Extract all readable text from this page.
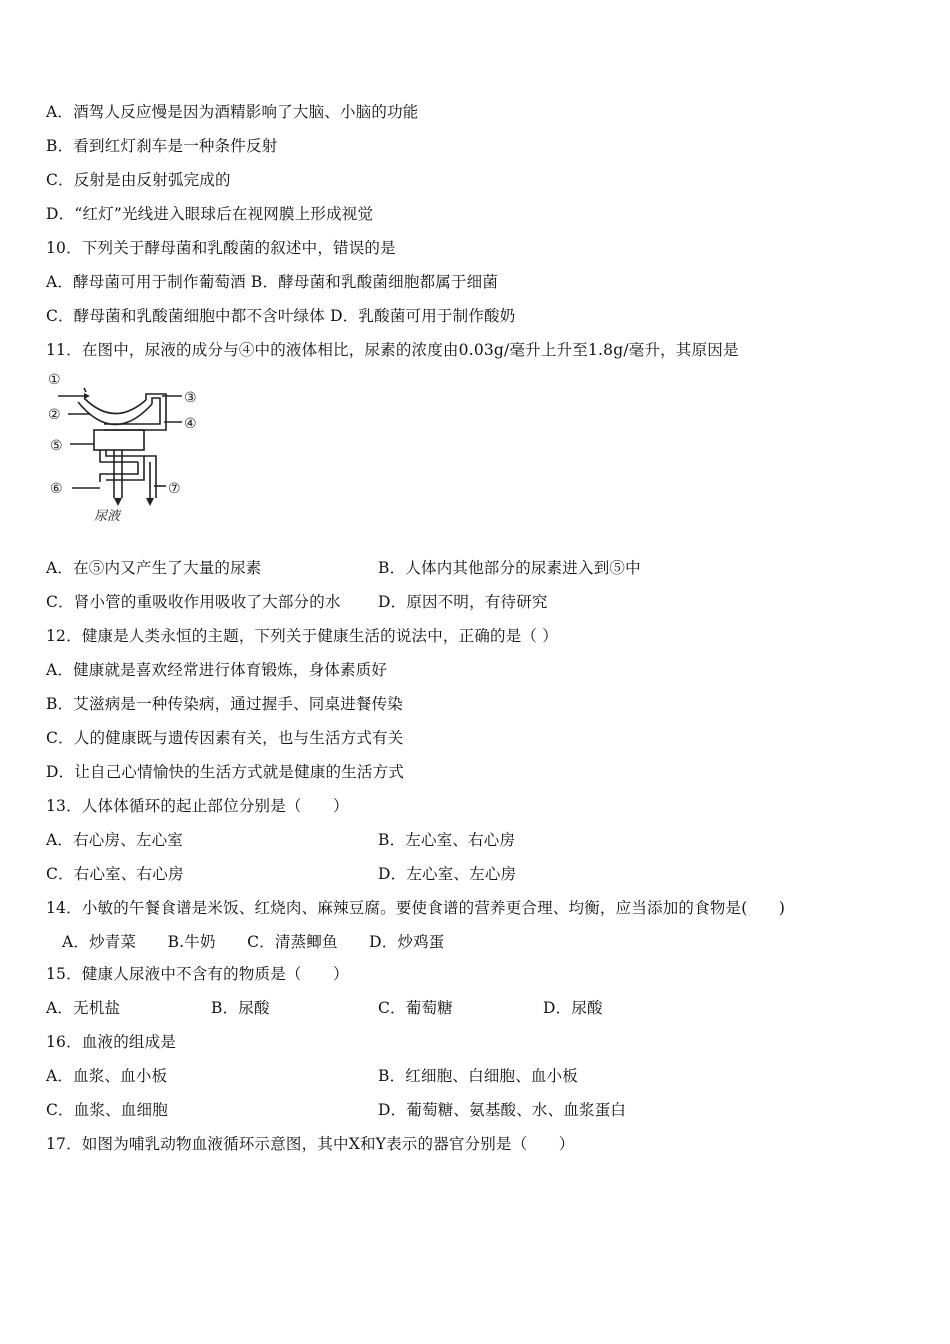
A．酒驾人反应慢是因为酒精影响了大脑、小脑的功能
B．看到红灯刹车是一种条件反射
C．反射是由反射弧完成的
D．“红灯”光线进入眼球后在视网膜上形成视觉
10．下列关于酵母菌和乳酸菌的叙述中，错误的是
A．酵母菌可用于制作葡萄酒 B．酵母菌和乳酸菌细胞都属于细菌
C．酵母菌和乳酸菌细胞中都不含叶绿体 D．乳酸菌可用于制作酸奶
11．在图中，尿液的成分与④中的液体相比，尿素的浓度由0.03g/毫升上升至1.8g/毫升，其原因是
①
②
③
④
⑤
⑥	⑦
尿液
A．在⑤内又产生了大量的尿素	B．人体内其他部分的尿素进入到⑤中
C．肾小管的重吸收作用吸收了大部分的水 D．原因不明，有待研究
12．健康是人类永恒的主题，下列关于健康生活的说法中，正确的是（ ）
A．健康就是喜欢经常进行体育锻炼，身体素质好
B．艾滋病是一种传染病，通过握手、同桌进餐传染
C．人的健康既与遗传因素有关，也与生活方式有关
D．让自己心情愉快的生活方式就是健康的生活方式
13．人体体循环的起止部位分别是（　　）
A．右心房、左心室	B．左心室、右心房
C．右心室、右心房	D．左心室、左心房
14．小敏的午餐食谱是米饭、红烧肉、麻辣豆腐。要使食谱的营养更合理、均衡，应当添加的食物是(　　)
A．炒青菜　　B.牛奶　　C．清蒸鲫鱼　　D．炒鸡蛋
15．健康人尿液中不含有的物质是（　　）
A．无机盐	B．尿酸	C．葡萄糖	D．尿酸
16．血液的组成是
A．血浆、血小板	B．红细胞、白细胞、血小板
C．血浆、血细胞	D．葡萄糖、氨基酸、水、血浆蛋白
17．如图为哺乳动物血液循环示意图，其中X和Y表示的器官分别是（　　）
